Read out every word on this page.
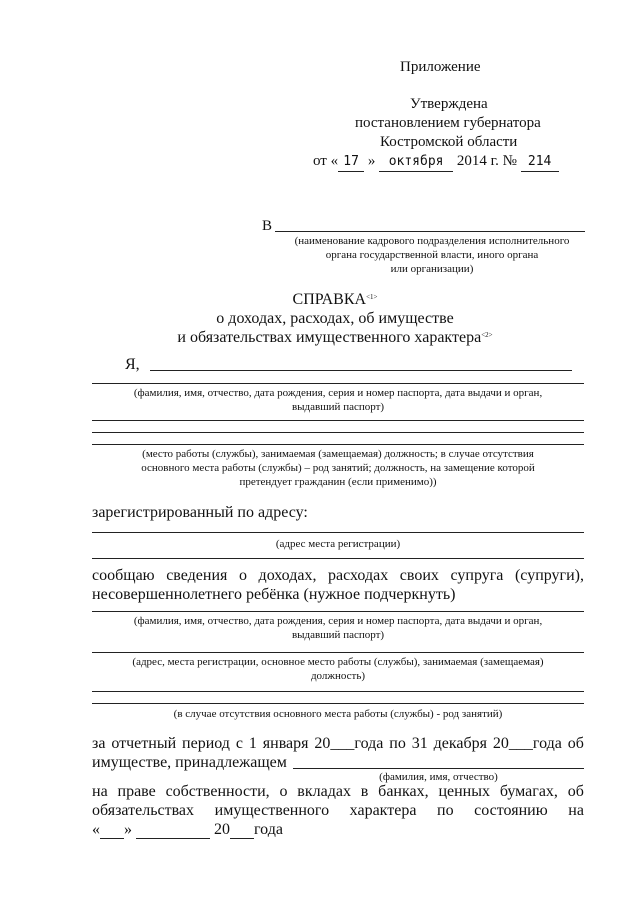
Приложение
Утверждена
постановлением губернатора
Костромской области
от « 17 » октября 2014 г. № 214
В
(наименование кадрового подразделения исполнительного
органа государственной власти, иного органа
или организации)
$СПРАВКА^{<1>}$
о доходах, расходах, об имуществе
и обязательствах имущественного характера$^{<2>}$
Я,
(фамилия, имя, отчество, дата рождения, серия и номер паспорта, дата выдачи и орган,
выдавший паспорт)
(место работы (службы), занимаемая (замещаемая) должность; в случае отсутствия
основного места работы (службы) – род занятий; должность, на замещение которой
претендует гражданин (если применимо))
зарегистрированный по адресу:
(адрес места регистрации)
сообщаю сведения о доходах, расходах своих супруга (супруги),
несовершеннолетнего ребёнка (нужное подчеркнуть)
(фамилия, имя, отчество, дата рождения, серия и номер паспорта, дата выдачи и орган,
выдавший паспорт)
(адрес, места регистрации, основное место работы (службы), занимаемая (замещаемая)
должность)
(в случае отсутствия основного места работы (службы) - род занятий)
за отчетный период с 1 января 20___года по 31 декабря 20___года об
имуществе, принадлежащем
(фамилия, имя, отчество)
на праве собственности, о вкладах в банках, ценных бумагах, об
обязательствах имущественного характера по состоянию на
« »	20 года
